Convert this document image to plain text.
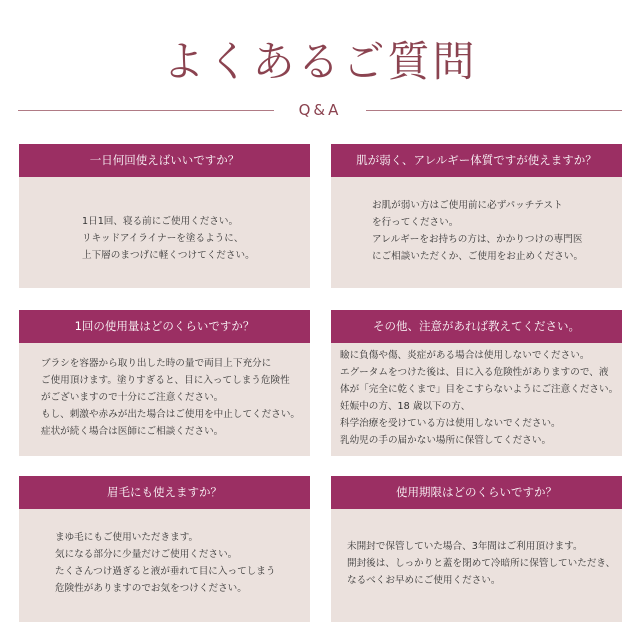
よくあるご質問
Q&A
一日何回使えばいいですか？
1日1回、寝る前にご使用ください。
リキッドアイライナーを塗るように、
上下層のまつげに軽くつけてください。
肌が弱く、アレルギー体質ですが使えますか？
お肌が弱い方はご使用前に必ずパッチテスト
を行ってください。
アレルギーをお持ちの方は、かかりつけの専門医
にご相談いただくか、ご使用をお止めください。
1回の使用量はどのくらいですか？
ブラシを容器から取り出した時の量で両目上下充分に
ご使用頂けます。塗りすぎると、目に入ってしまう危険性
がございますので十分にご注意ください。
もし、刺激や赤みが出た場合はご使用を中止してください。
症状が続く場合は医師にご相談ください。
その他、注意があれば教えてください。
瞼に負傷や傷、炎症がある場合は使用しないでください。
エグータムをつけた後は、目に入る危険性がありますので、液
体が「完全に乾くまで」目をこすらないようにご注意ください。
妊娠中の方、18 歳以下の方、
科学治療を受けている方は使用しないでください。
乳幼児の手の届かない場所に保管してください。
眉毛にも使えますか？
まゆ毛にもご使用いただきます。
気になる部分に少量だけご使用ください。
たくさんつけ過ぎると液が垂れて目に入ってしまう
危険性がありますのでお気をつけください。
使用期限はどのくらいですか？
未開封で保管していた場合、3年間はご利用頂けます。
開封後は、しっかりと蓋を閉めて冷暗所に保管していただき、
なるべくお早めにご使用ください。
